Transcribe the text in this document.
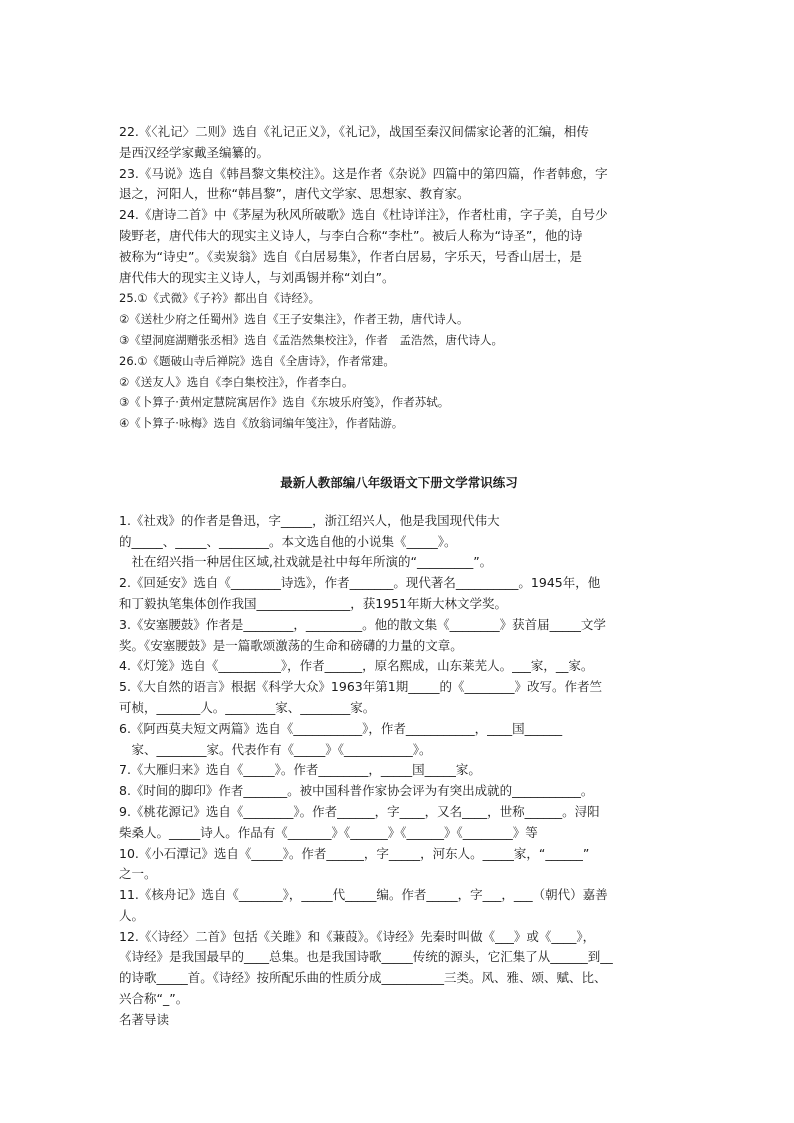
22.《〈礼记〉二则》选自《礼记正义》，《礼记》，战国至秦汉间儒家论著的汇编，相传
是西汉经学家戴圣编纂的。
23.《马说》选自《韩昌黎文集校注》。这是作者《杂说》四篇中的第四篇，作者韩愈，字
退之，河阳人，世称“韩昌黎”，唐代文学家、思想家、教育家。
24.《唐诗二首》中《茅屋为秋风所破歌》选自《杜诗详注》，作者杜甫，字子美，自号少
陵野老，唐代伟大的现实主义诗人，与李白合称“李杜”。被后人称为“诗圣”，他的诗
被称为“诗史”。《卖炭翁》选自《白居易集》，作者白居易，字乐天，号香山居士，是
唐代伟大的现实主义诗人，与刘禹锡并称“刘白”。
25.①《式微》《子衿》都出自《诗经》。
②《送杜少府之任蜀州》选自《王子安集注》，作者王勃，唐代诗人。
③《望洞庭湖赠张丞相》选自《孟浩然集校注》，作者　孟浩然，唐代诗人。
26.①《题破山寺后禅院》选自《全唐诗》，作者常建。
②《送友人》选自《李白集校注》，作者李白。
③《卜算子·黄州定慧院寓居作》选自《东坡乐府笺》，作者苏轼。
④《卜算子·咏梅》选自《放翁词编年笺注》，作者陆游。
最新人教部编八年级语文下册文学常识练习
1.《社戏》的作者是鲁迅，字_____，浙江绍兴人，他是我国现代伟大
的_____、_____、________。本文选自他的小说集《_____》。
　社在绍兴指一种居住区域,社戏就是社中每年所演的“_________”。
2.《回延安》选自《________诗选》，作者_______。现代著名__________。1945年，他
和丁毅执笔集体创作我国_______________，获1951年斯大林文学奖。
3.《安塞腰鼓》作者是________，_________。他的散文集《________》获首届_____文学
奖。《安塞腰鼓》是一篇歌颂激荡的生命和磅礴的力量的文章。
4.《灯笼》选自《__________》，作者______，原名熙成，山东莱芜人。___家，__家。
5.《大自然的语言》根据《科学大众》1963年第1期_____的《________》改写。作者竺
可桢，_______人。________家、________家。
6.《阿西莫夫短文两篇》选自《___________》，作者___________，____国______
　家、________家。代表作有《_____》《___________》。
7.《大雁归来》选自《_____》。作者________，_____国_____家。
8.《时间的脚印》作者_______。被中国科普作家协会评为有突出成就的___________。
9.《桃花源记》选自《________》。作者______，字____，又名____，世称______。浔阳
柴桑人。_____诗人。作品有《_______》《______》《______》《________》等
10.《小石潭记》选自《_____》。作者______，字_____，河东人。_____家，“______”
之一。
11.《核舟记》选自《_______》，_____代_____编。作者_____，字___，___（朝代）嘉善
人。
12.《〈诗经〉二首》包括《关雎》和《蒹葭》。《诗经》先秦时叫做《___》或《____》，
《诗经》是我国最早的____总集。也是我国诗歌_____传统的源头，它汇集了从______到__
的诗歌_____首。《诗经》按所配乐曲的性质分成__________三类。风、雅、颂、赋、比、
兴合称“_”。
名著导读
